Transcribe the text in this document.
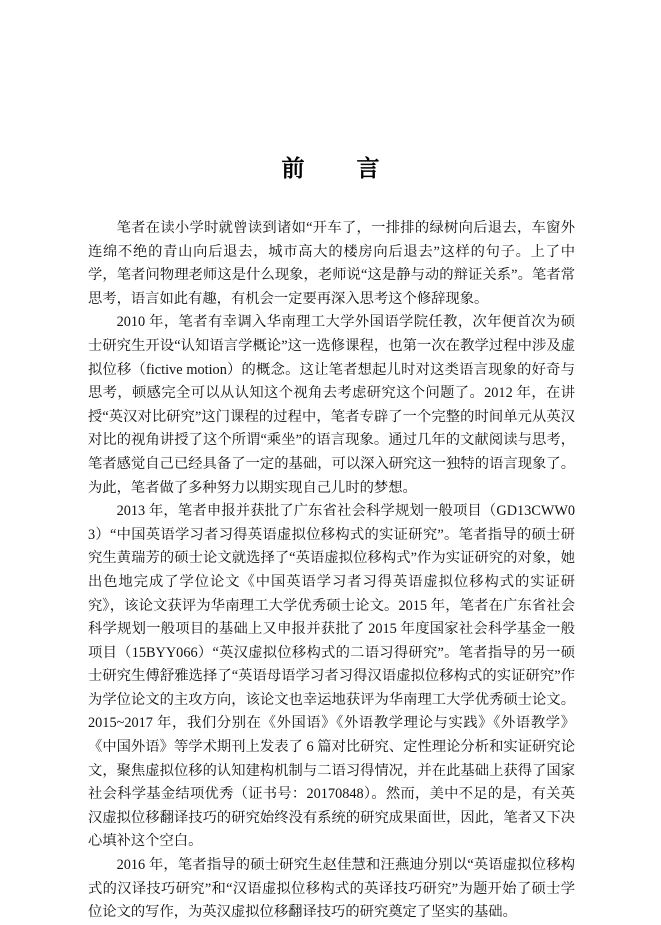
前　　言

笔者在读小学时就曾读到诸如“开车了，一排排的绿树向后退去，车窗外连绵不绝的青山向后退去，城市高大的楼房向后退去”这样的句子。上了中学，笔者问物理老师这是什么现象，老师说“这是静与动的辩证关系”。笔者常思考，语言如此有趣，有机会一定要再深入思考这个修辞现象。

2010 年，笔者有幸调入华南理工大学外国语学院任教，次年便首次为硕士研究生开设“认知语言学概论”这一选修课程，也第一次在教学过程中涉及虚拟位移（fictive motion）的概念。这让笔者想起儿时对这类语言现象的好奇与思考，顿感完全可以从认知这个视角去考虑研究这个问题了。2012 年，在讲授“英汉对比研究”这门课程的过程中，笔者专辟了一个完整的时间单元从英汉对比的视角讲授了这个所谓“乘坐”的语言现象。通过几年的文献阅读与思考，笔者感觉自己已经具备了一定的基础，可以深入研究这一独特的语言现象了。为此，笔者做了多种努力以期实现自己儿时的梦想。

2013 年，笔者申报并获批了广东省社会科学规划一般项目（GD13CWW03）“中国英语学习者习得英语虚拟位移构式的实证研究”。笔者指导的硕士研究生黄瑞芳的硕士论文就选择了“英语虚拟位移构式”作为实证研究的对象，她出色地完成了学位论文《中国英语学习者习得英语虚拟位移构式的实证研究》，该论文获评为华南理工大学优秀硕士论文。2015 年，笔者在广东省社会科学规划一般项目的基础上又申报并获批了 2015 年度国家社会科学基金一般项目（15BYY066）“英汉虚拟位移构式的二语习得研究”。笔者指导的另一硕士研究生傅舒雅选择了“英语母语学习者习得汉语虚拟位移构式的实证研究”作为学位论文的主攻方向，该论文也幸运地获评为华南理工大学优秀硕士论文。2015~2017 年，我们分别在《外国语》《外语教学理论与实践》《外语教学》《中国外语》等学术期刊上发表了 6 篇对比研究、定性理论分析和实证研究论文，聚焦虚拟位移的认知建构机制与二语习得情况，并在此基础上获得了国家社会科学基金结项优秀（证书号：20170848）。然而，美中不足的是，有关英汉虚拟位移翻译技巧的研究始终没有系统的研究成果面世，因此，笔者又下决心填补这个空白。

2016 年，笔者指导的硕士研究生赵佳慧和汪燕迪分别以“英语虚拟位移构式的汉译技巧研究”和“汉语虚拟位移构式的英译技巧研究”为题开始了硕士学位论文的写作，为英汉虚拟位移翻译技巧的研究奠定了坚实的基础。
